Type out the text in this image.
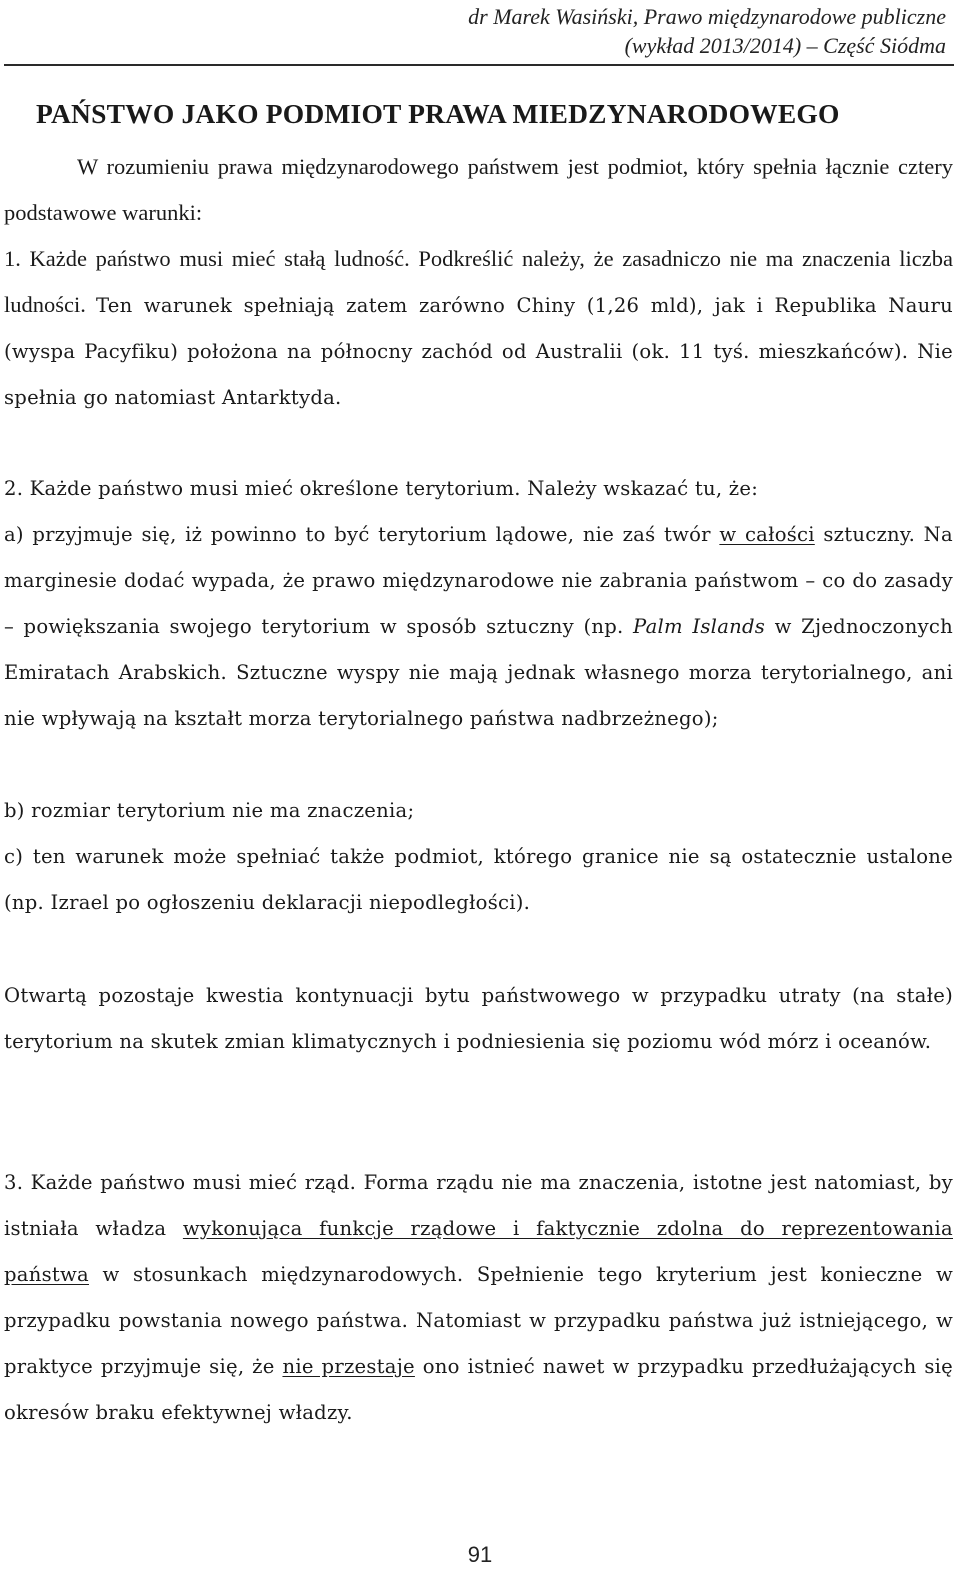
dr Marek Wasiński, Prawo międzynarodowe publiczne
(wykład 2013/2014) – Część Siódma
PAŃSTWO JAKO PODMIOT PRAWA MIEDZYNARODOWEGO

W rozumieniu prawa międzynarodowego państwem jest podmiot, który spełnia łącznie cztery podstawowe warunki:

1. Każde państwo musi mieć stałą ludność. Podkreślić należy, że zasadniczo nie ma znaczenia liczba ludności. Ten warunek spełniają zatem zarówno Chiny (1,26 mld), jak i Republika Nauru (wyspa Pacyfiku) położona na północny zachód od Australii (ok. 11 tyś. mieszkańców). Nie spełnia go natomiast Antarktyda.

2. Każde państwo musi mieć określone terytorium. Należy wskazać tu, że:

a) przyjmuje się, iż powinno to być terytorium lądowe, nie zaś twór w całości sztuczny. Na marginesie dodać wypada, że prawo międzynarodowe nie zabrania państwom – co do zasady – powiększania swojego terytorium w sposób sztuczny (np. Palm Islands w Zjednoczonych Emiratach Arabskich. Sztuczne wyspy nie mają jednak własnego morza terytorialnego, ani nie wpływają na kształt morza terytorialnego państwa nadbrzeżnego);

b) rozmiar terytorium nie ma znaczenia;

c) ten warunek może spełniać także podmiot, którego granice nie są ostatecznie ustalone (np. Izrael po ogłoszeniu deklaracji niepodległości).

Otwartą pozostaje kwestia kontynuacji bytu państwowego w przypadku utraty (na stałe) terytorium na skutek zmian klimatycznych i podniesienia się poziomu wód mórz i oceanów.

3. Każde państwo musi mieć rząd. Forma rządu nie ma znaczenia, istotne jest natomiast, by istniała władza wykonująca funkcje rządowe i faktycznie zdolna do reprezentowania państwa w stosunkach międzynarodowych. Spełnienie tego kryterium jest konieczne w przypadku powstania nowego państwa. Natomiast w przypadku państwa już istniejącego, w praktyce przyjmuje się, że nie przestaje ono istnieć nawet w przypadku przedłużających się okresów braku efektywnej władzy.

91
